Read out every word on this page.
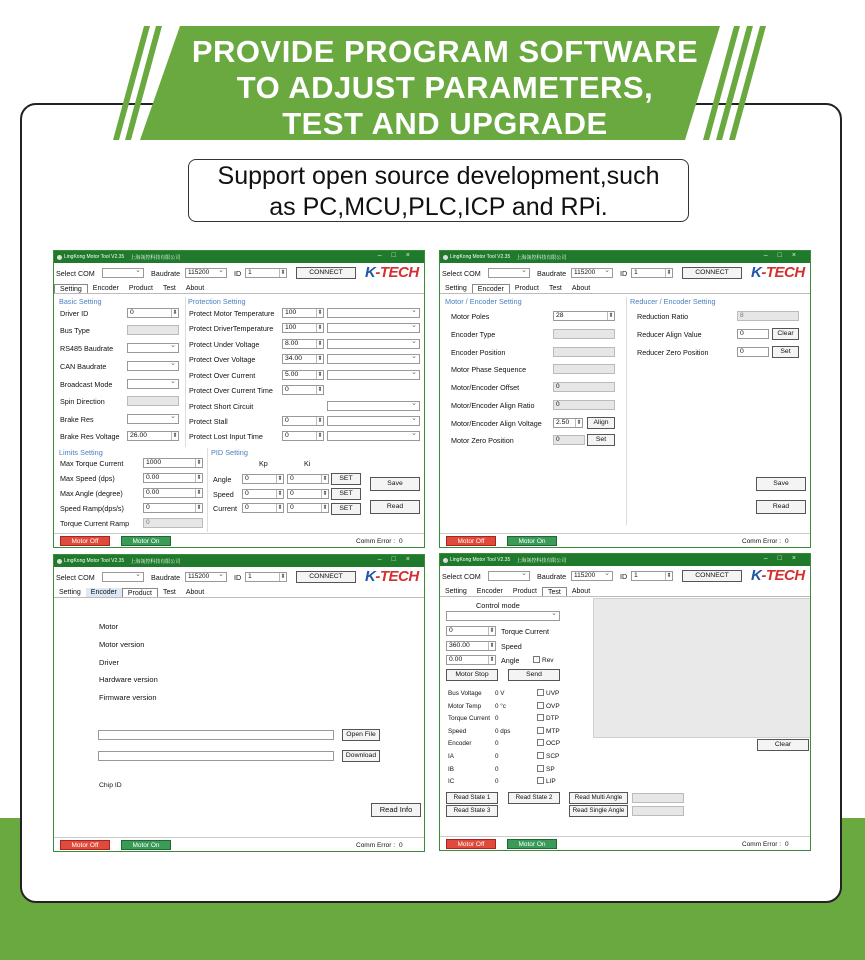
PROVIDE PROGRAM SOFTWARE
TO ADJUST PARAMETERS,
TEST AND UPGRADE
Support open source development,such
as PC,MCU,PLC,ICP and RPi.
LingKong Motor Tool V2.35 上海瓴控科技有限公司	–□×
Select COM ⌄	Baudrate	115200 ⌄	ID	1 ⬍	CONNECT	K-TECH
Setting	Encoder	Product	Test	About
Basic Setting
Driver ID	0 ⬍
Bus Type
RS485 Baudrate
⌄
CAN Baudrate
⌄
Broadcast Mode
⌄
Spin Direction
Brake Res
⌄
Brake Res Voltage	26.00 ⬍
Protection Setting
Protect Motor Temperature	100 ⬍
⌄
Protect DriverTemperature	100 ⬍
⌄
Protect Under Voltage	8.00 ⬍
⌄
Protect Over Voltage	34.00 ⬍
⌄
Protect Over Current	5.00 ⬍
⌄
Protect Over Current Time	0 ⬍
Protect Short Circuit
⌄
Protect Stall	0 ⬍
⌄
Protect Lost Input Time	0 ⬍
⌄
Limits Setting
Max Torque Current	1000 ⬍
Max Speed (dps)	0.00 ⬍
Max Angle (degree)	0.00 ⬍
Speed Ramp(dps/s)	0 ⬍
Torque Current Ramp	0
PID Setting
Kp	Ki
Angle	0 ⬍	0 ⬍	SET
Speed	0 ⬍	0 ⬍	SET
Current	0 ⬍	0 ⬍	SET
Save
Read
Motor Off	Motor On	Comm Error : 0
LingKong Motor Tool V2.35 上海瓴控科技有限公司	–□×
Select COM ⌄	Baudrate	115200 ⌄	ID	1 ⬍	CONNECT	K-TECH
Setting	Encoder	Product	Test	About
Motor / Encoder Setting
Motor Poles	28 ⬍
Encoder Type
Encoder Position
Motor Phase Sequence
Motor/Encoder Offset	0
Motor/Encoder Align Ratio	0
Motor/Encoder Align Voltage	2.50 ⬍	Align
Motor Zero Position	0	Set
Reducer / Encoder Setting
Reduction Ratio	8
Reducer Align Value	0	Clear
Reducer Zero Position	0	Set
Save
Read
Motor Off	Motor On	Comm Error : 0
LingKong Motor Tool V2.35 上海瓴控科技有限公司	–□×
Select COM ⌄	Baudrate	115200 ⌄	ID	1 ⬍	CONNECT	K-TECH
Setting	Encoder	Product	Test	About
Motor
Motor version
Driver
Hardware version
Firmware version
Open File
Download
Chip ID
Read Info
Motor Off	Motor On	Comm Error : 0
LingKong Motor Tool V2.35 上海瓴控科技有限公司	–□×
Select COM ⌄	Baudrate	115200 ⌄	ID	1 ⬍	CONNECT	K-TECH
Setting	Encoder	Product	Test	About
Control mode
⌄
0 ⬍	Torque Current
360.00 ⬍	Speed
0.00 ⬍	Angle	Rev
Motor Stop	Send
Clear
Bus Voltage 0 V	UVP
Motor Temp 0 °c	OVP
Torque Current 0	DTP
Speed	0 dps	MTP
Encoder	0	OCP
IA	0	SCP
IB	0	SP
IC	0	LIP
Read State 1	Read State 2
Read State 3
Read Multi Angle
Read Single Angle
Motor Off	Motor On	Comm Error : 0
